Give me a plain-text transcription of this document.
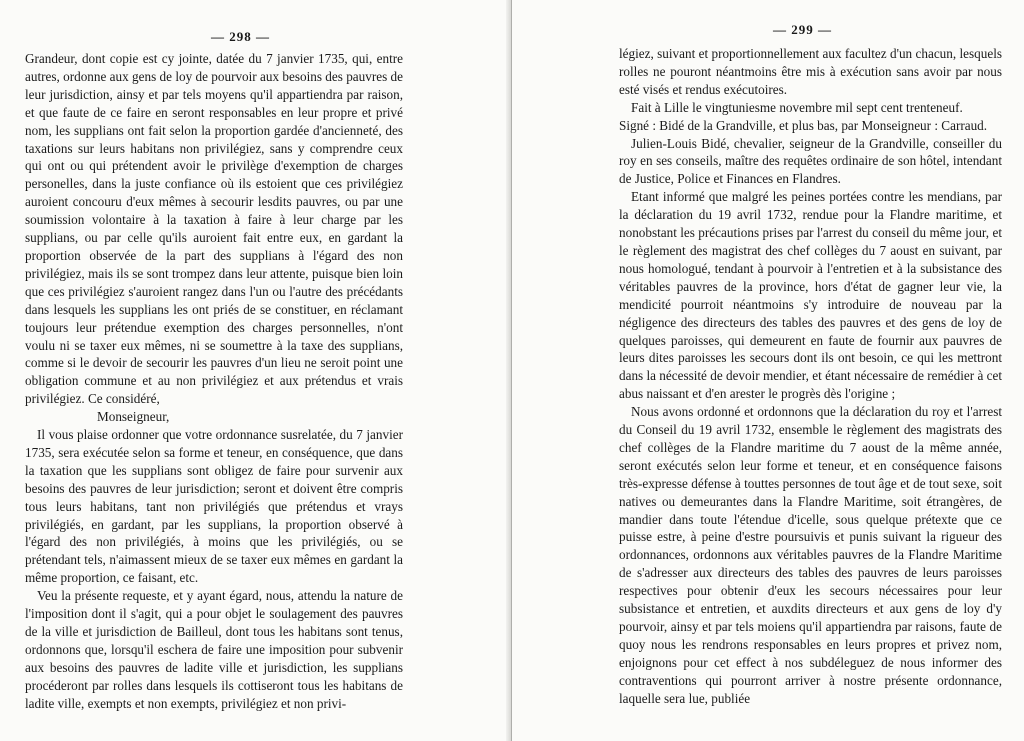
— 298 —

Grandeur, dont copie est cy jointe, datée du 7 janvier 1735, qui, entre autres, ordonne aux gens de loy de pourvoir aux besoins des pauvres de leur jurisdiction, ainsy et par tels moyens qu'il appartiendra par raison, et que faute de ce faire en seront responsables en leur propre et privé nom, les supplians ont fait selon la proportion gardée d'ancienneté, des taxations sur leurs habitans non privilégiez, sans y comprendre ceux qui ont ou qui prétendent avoir le privilège d'exemption de charges personelles, dans la juste confiance où ils estoient que ces privilégiez auroient concouru d'eux mêmes à secourir lesdits pauvres, ou par une soumission volontaire à la taxation à faire à leur charge par les supplians, ou par celle qu'ils auroient fait entre eux, en gardant la proportion observée de la part des supplians à l'égard des non privilégiez, mais ils se sont trompez dans leur attente, puisque bien loin que ces privilégiez s'auroient rangez dans l'un ou l'autre des précédants dans lesquels les supplians les ont priés de se constituer, en réclamant toujours leur prétendue exemption des charges personnelles, n'ont voulu ni se taxer eux mêmes, ni se soumettre à la taxe des supplians, comme si le devoir de secourir les pauvres d'un lieu ne seroit point une obligation commune et au non privilégiez et aux prétendus et vrais privilégiez. Ce considéré,

Monseigneur,

Il vous plaise ordonner que votre ordonnance susrelatée, du 7 janvier 1735, sera exécutée selon sa forme et teneur, en conséquence, que dans la taxation que les supplians sont obligez de faire pour survenir aux besoins des pauvres de leur jurisdiction; seront et doivent être compris tous leurs habitans, tant non privilégiés que prétendus et vrays privilégiés, en gardant, par les supplians, la proportion observé à l'égard des non privilégiés, à moins que les privilégiés, ou se prétendant tels, n'aimassent mieux de se taxer eux mêmes en gardant la même proportion, ce faisant, etc.

Veu la présente requeste, et y ayant égard, nous, attendu la nature de l'imposition dont il s'agit, qui a pour objet le soulagement des pauvres de la ville et jurisdiction de Bailleul, dont tous les habitans sont tenus, ordonnons que, lorsqu'il eschera de faire une imposition pour subvenir aux besoins des pauvres de ladite ville et jurisdiction, les supplians procéderont par rolles dans lesquels ils cottiseront tous les habitans de ladite ville, exempts et non exempts, privilégiez et non privi-

— 299 —

légiez, suivant et proportionnellement aux facultez d'un chacun, lesquels rolles ne pouront néantmoins être mis à exécution sans avoir par nous esté visés et rendus exécutoires.

Fait à Lille le vingtuniesme novembre mil sept cent trenteneuf.

Signé : Bidé de la Grandville, et plus bas, par Monseigneur : Carraud.

Julien-Louis Bidé, chevalier, seigneur de la Grandville, conseiller du roy en ses conseils, maître des requêtes ordinaire de son hôtel, intendant de Justice, Police et Finances en Flandres.

Etant informé que malgré les peines portées contre les mendians, par la déclaration du 19 avril 1732, rendue pour la Flandre maritime, et nonobstant les précautions prises par l'arrest du conseil du même jour, et le règlement des magistrat des chef collèges du 7 aoust en suivant, par nous homologué, tendant à pourvoir à l'entretien et à la subsistance des véritables pauvres de la province, hors d'état de gagner leur vie, la mendicité pourroit néantmoins s'y introduire de nouveau par la négligence des directeurs des tables des pauvres et des gens de loy de quelques paroisses, qui demeurent en faute de fournir aux pauvres de leurs dites paroisses les secours dont ils ont besoin, ce qui les mettront dans la nécessité de devoir mendier, et étant nécessaire de remédier à cet abus naissant et d'en arester le progrès dès l'origine ;

Nous avons ordonné et ordonnons que la déclaration du roy et l'arrest du Conseil du 19 avril 1732, ensemble le règlement des magistrats des chef collèges de la Flandre maritime du 7 aoust de la même année, seront exécutés selon leur forme et teneur, et en conséquence faisons très-expresse défense à touttes personnes de tout âge et de tout sexe, soit natives ou demeurantes dans la Flandre Maritime, soit étrangères, de mandier dans toute l'étendue d'icelle, sous quelque prétexte que ce puisse estre, à peine d'estre poursuivis et punis suivant la rigueur des ordonnances, ordonnons aux véritables pauvres de la Flandre Maritime de s'adresser aux directeurs des tables des pauvres de leurs paroisses respectives pour obtenir d'eux les secours nécessaires pour leur subsistance et entretien, et auxdits directeurs et aux gens de loy d'y pourvoir, ainsy et par tels moiens qu'il appartiendra par raisons, faute de quoy nous les rendrons responsables en leurs propres et privez nom, enjoignons pour cet effect à nos subdéleguez de nous informer des contraventions qui pourront arriver à nostre présente ordonnance, laquelle sera lue, publiée
